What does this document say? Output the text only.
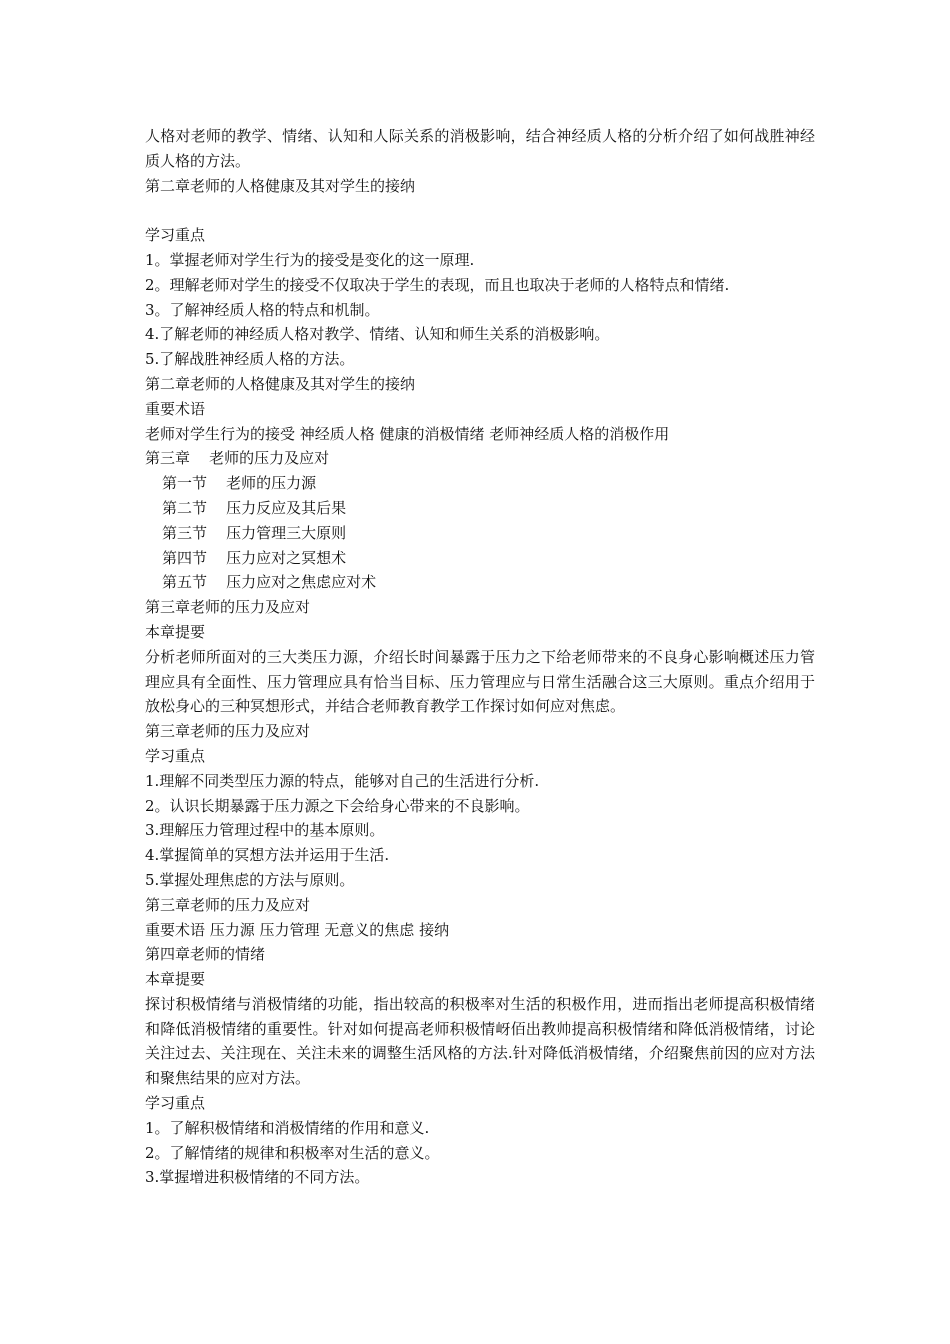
人格对老师的教学、情绪、认知和人际关系的消极影响，结合神经质人格的分析介绍了如何战胜神经质人格的方法。
第二章老师的人格健康及其对学生的接纳
学习重点
1。掌握老师对学生行为的接受是变化的这一原理.
2。理解老师对学生的接受不仅取决于学生的表现，而且也取决于老师的人格特点和情绪.
3。了解神经质人格的特点和机制。
4.了解老师的神经质人格对教学、情绪、认知和师生关系的消极影响。
5.了解战胜神经质人格的方法。
第二章老师的人格健康及其对学生的接纳
重要术语
老师对学生行为的接受 神经质人格 健康的消极情绪 老师神经质人格的消极作用
第三章    老师的压力及应对
第一节    老师的压力源
第二节    压力反应及其后果
第三节    压力管理三大原则
第四节    压力应对之冥想术
第五节    压力应对之焦虑应对术
第三章老师的压力及应对
本章提要
分析老师所面对的三大类压力源，介绍长时间暴露于压力之下给老师带来的不良身心影响概述压力管理应具有全面性、压力管理应具有恰当目标、压力管理应与日常生活融合这三大原则。重点介绍用于放松身心的三种冥想形式，并结合老师教育教学工作探讨如何应对焦虑。
第三章老师的压力及应对
学习重点
1.理解不同类型压力源的特点，能够对自己的生活进行分析.
2。认识长期暴露于压力源之下会给身心带来的不良影响。
3.理解压力管理过程中的基本原则。
4.掌握简单的冥想方法并运用于生活.
5.掌握处理焦虑的方法与原则。
第三章老师的压力及应对
重要术语 压力源 压力管理 无意义的焦虑 接纳
第四章老师的情绪
本章提要
探讨积极情绪与消极情绪的功能，指出较高的积极率对生活的积极作用，进而指出老师提高积极情绪和降低消极情绪的重要性。针对如何提高老师积极情岈佰出教帅提高积极情绪和降低消极情绪，讨论关注过去、关注现在、关注未来的调整生活风格的方法.针对降低消极情绪，介绍聚焦前因的应对方法和聚焦结果的应对方法。
学习重点
1。了解积极情绪和消极情绪的作用和意义.
2。了解情绪的规律和积极率对生活的意义。
3.掌握增进积极情绪的不同方法。
